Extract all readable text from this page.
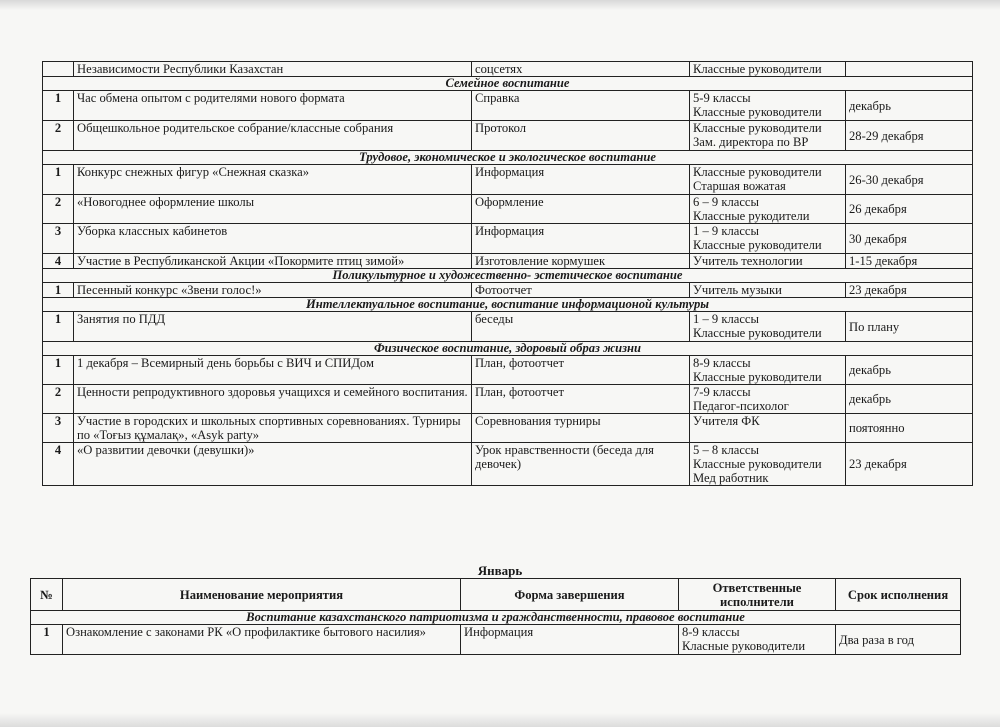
	Независимости Республики Казахстан	соцсетях	Классные руководители	
Семейное воспитание				
1	Час обмена опытом с родителями нового формата	Справка	5-9 классы
Классные руководители	декабрь
2	Общешкольное родительское собрание/классные собрания	Протокол	Классные руководители
Зам. директора по ВР	28-29 декабря
Трудовое, экономическое и экологическое воспитание				
1	Конкурс снежных фигур «Снежная сказка»	Информация	Классные руководители
Старшая вожатая	26-30 декабря
2	«Новогоднее оформление школы	Оформление	6 – 9 классы
Классные рукодители	26 декабря
3	Уборка классных кабинетов	Информация	1 – 9 классы
Классные руководители	30 декабря
4	Участие в Республиканской Акции «Покормите птиц зимой»	Изготовление кормушек	Учитель технологии	1-15 декабря
Поликультурное и художественно- эстетическое воспитание				
1	Песенный конкурс «Звени голос!»	Фотоотчет	Учитель музыки	23 декабря
Интеллектуальное воспитание, воспитание информационой культуры				
1	Занятия по ПДД	беседы	1 – 9 классы
Классные руководители	По плану
Физическое воспитание, здоровый образ жизни				
1	1 декабря – Всемирный день борьбы с ВИЧ и СПИДом	План, фотоотчет	8-9 классы
Классные руководители	декабрь
2	Ценности репродуктивного здоровья учащихся и семейного воспитания.	План, фотоотчет	7-9 классы
Педагог-психолог	декабрь
3	Участие в городских и школьных спортивных соревнованиях. Турниры по «Тоғыз құмалақ», «Asyk party»	Соревнования турниры	Учителя ФК	поятоянно
4	«О развитии девочки (девушки)»	Урок нравственности (беседа для девочек)	5 – 8 классы
Классные руководители
Мед работник	23 декабря
Январь
№	Наименование мероприятия	Форма завершения	Ответственные исполнители	Срок исполнения
Воспитание казахстанского патриотизма и гражданственности, правовое воспитание				
1	Ознакомление с законами РК «О профилактике бытового насилия»	Информация	8-9 классы
Класные руководители	Два раза в год
